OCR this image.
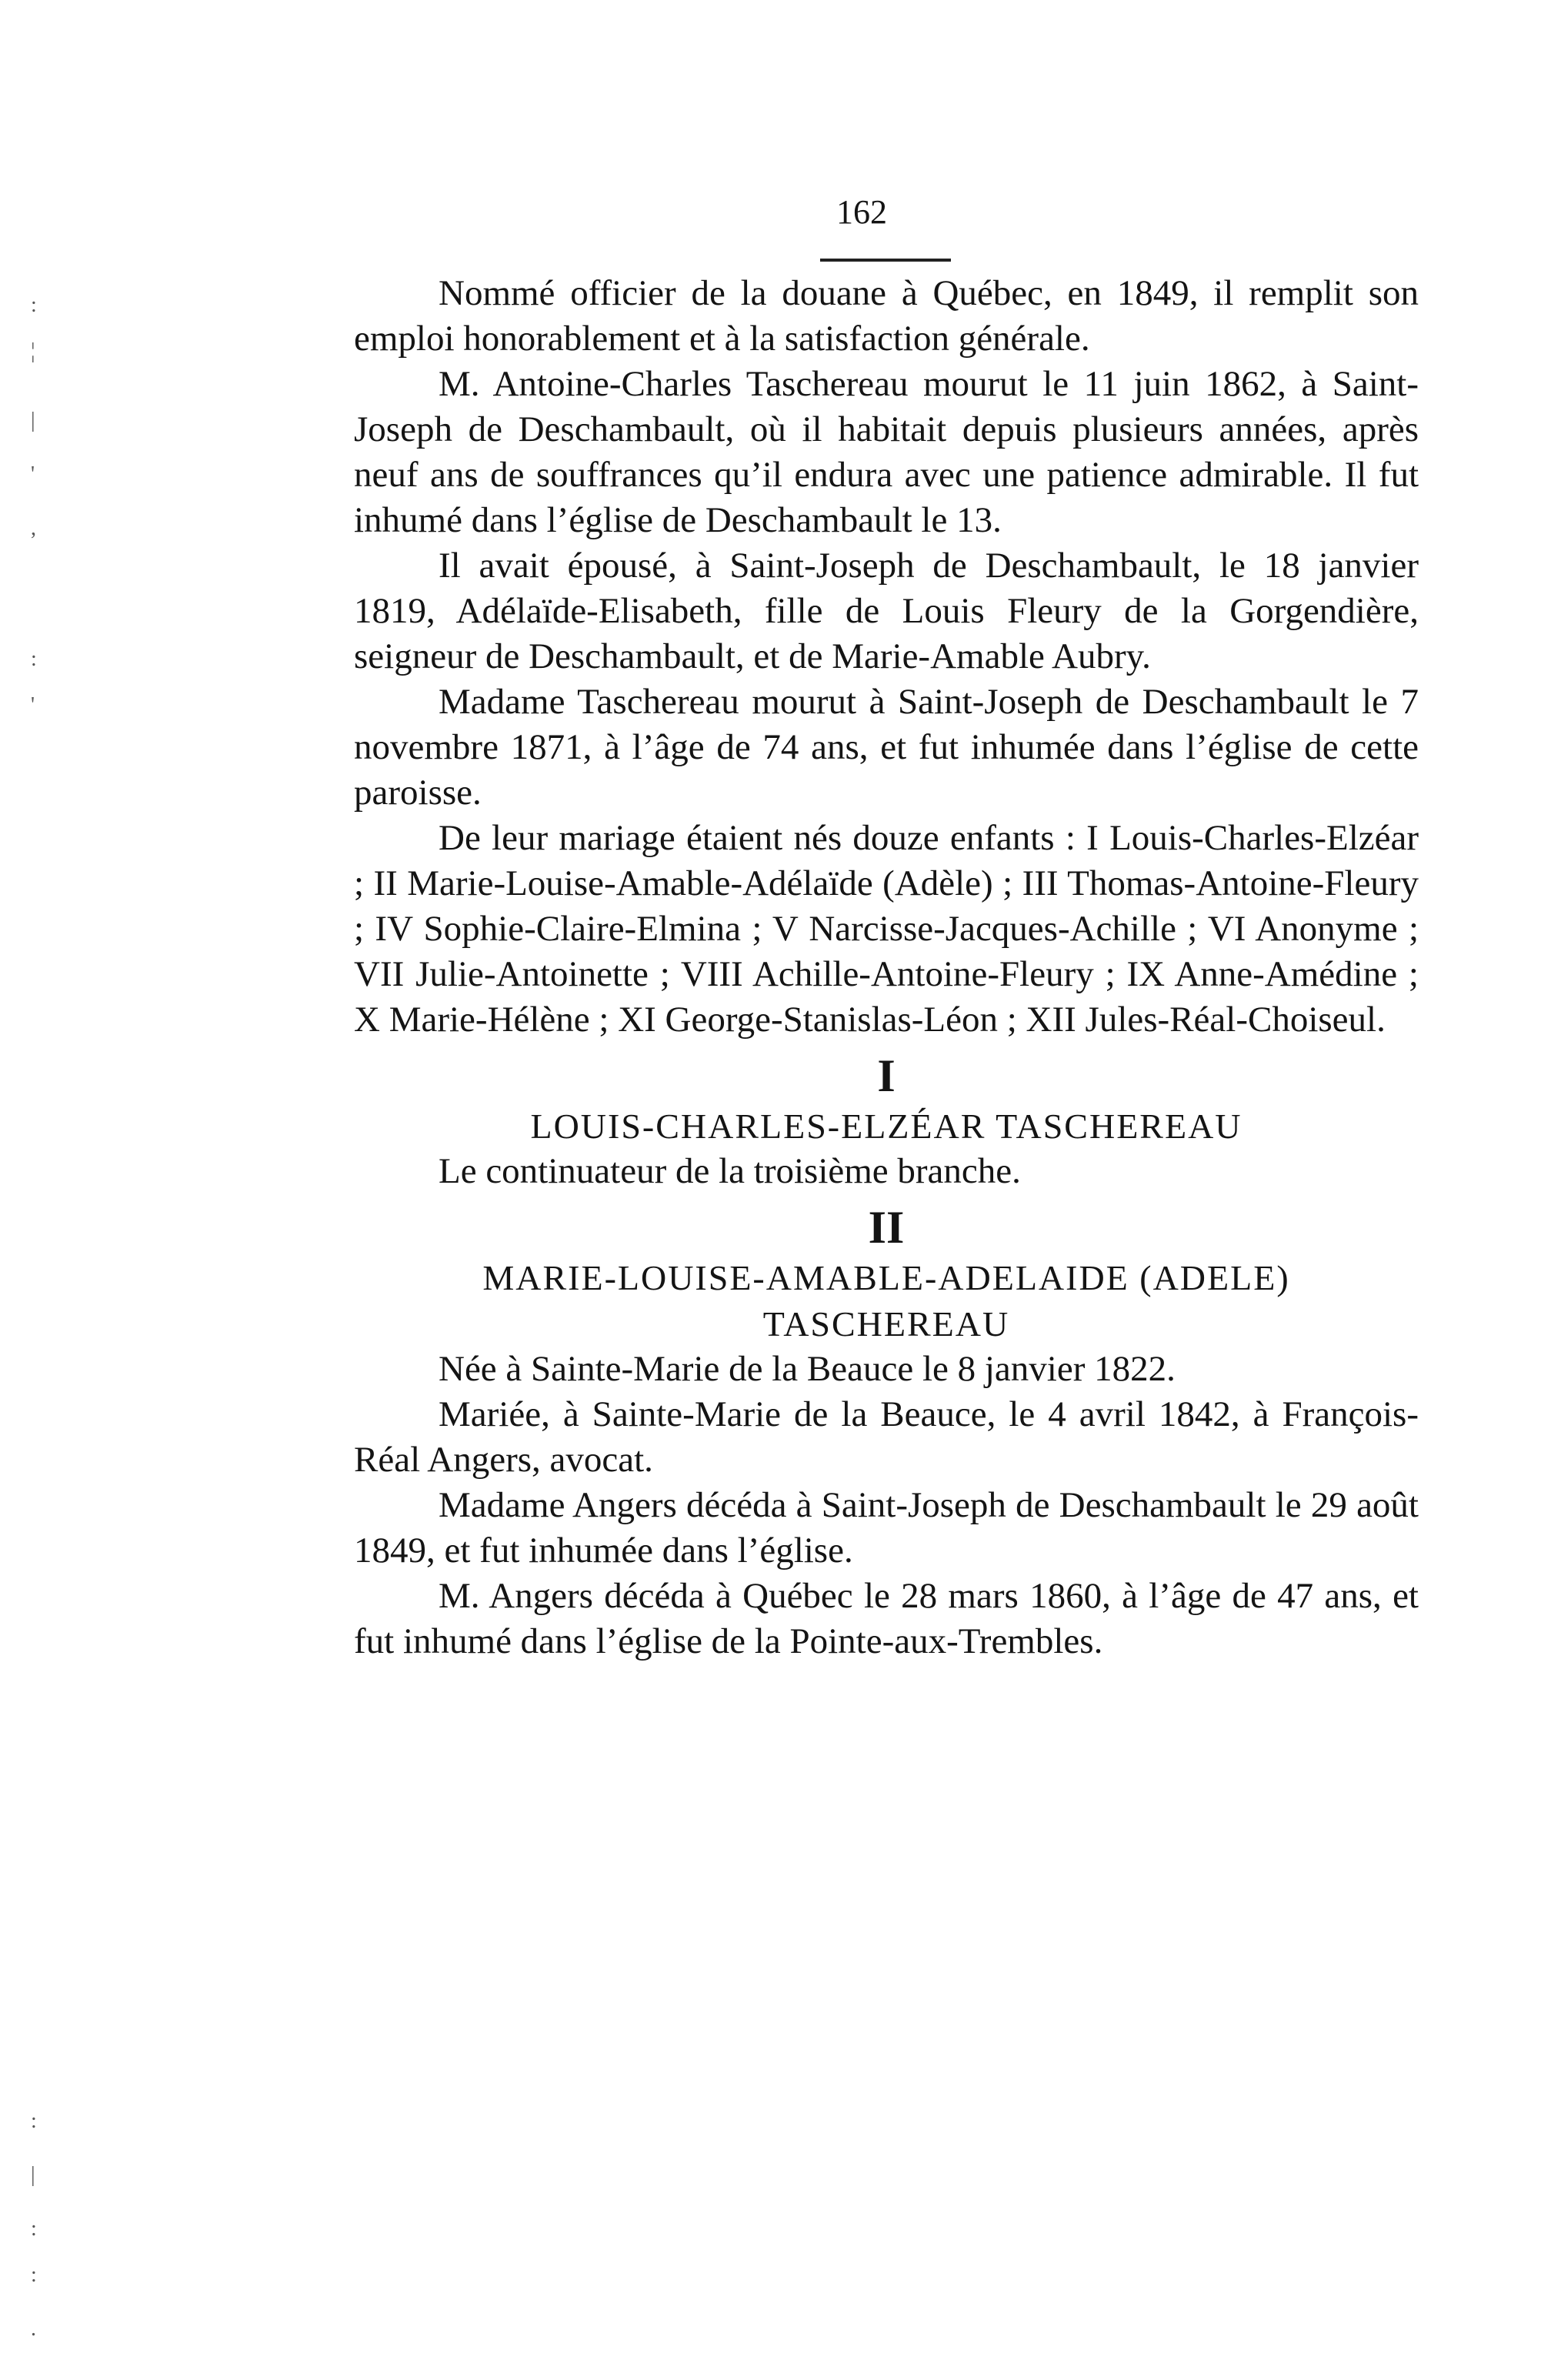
162
:
¦
|
'
,
:
'
:
|
:
:
.

Nommé officier de la douane à Québec, en 1849, il remplit son emploi honorablement et à la satisfaction générale.

M. Antoine-Charles Taschereau mourut le 11 juin 1862, à Saint-Joseph de Deschambault, où il habitait depuis plusieurs années, après neuf ans de souffrances qu’il endura avec une patience admirable. Il fut inhumé dans l’église de Deschambault le 13.

Il avait épousé, à Saint-Joseph de Deschambault, le 18 janvier 1819, Adélaïde-Elisabeth, fille de Louis Fleury de la Gorgendière, seigneur de Deschambault, et de Marie-Amable Aubry.

Madame Taschereau mourut à Saint-Joseph de Deschambault le 7 novembre 1871, à l’âge de 74 ans, et fut inhumée dans l’église de cette paroisse.

De leur mariage étaient nés douze enfants : I Louis-Charles-Elzéar ; II Marie-Louise-Amable-Adélaïde (Adèle) ; III Thomas-Antoine-Fleury ; IV Sophie-Claire-Elmina ; V Narcisse-Jacques-Achille ; VI Anonyme ; VII Julie-Antoinette ; VIII Achille-Antoine-Fleury ; IX Anne-Amédine ; X Marie-Hélène ; XI George-Stanislas-Léon ; XII Jules-Réal-Choiseul.

I
LOUIS-CHARLES-ELZÉAR TASCHEREAU

Le continuateur de la troisième branche.

II
MARIE-LOUISE-AMABLE-ADELAIDE (ADELE)
TASCHEREAU

Née à Sainte-Marie de la Beauce le 8 janvier 1822.

Mariée, à Sainte-Marie de la Beauce, le 4 avril 1842, à François-Réal Angers, avocat.

Madame Angers décéda à Saint-Joseph de Deschambault le 29 août 1849, et fut inhumée dans l’église.

M. Angers décéda à Québec le 28 mars 1860, à l’âge de 47 ans, et fut inhumé dans l’église de la Pointe-aux-Trembles.
